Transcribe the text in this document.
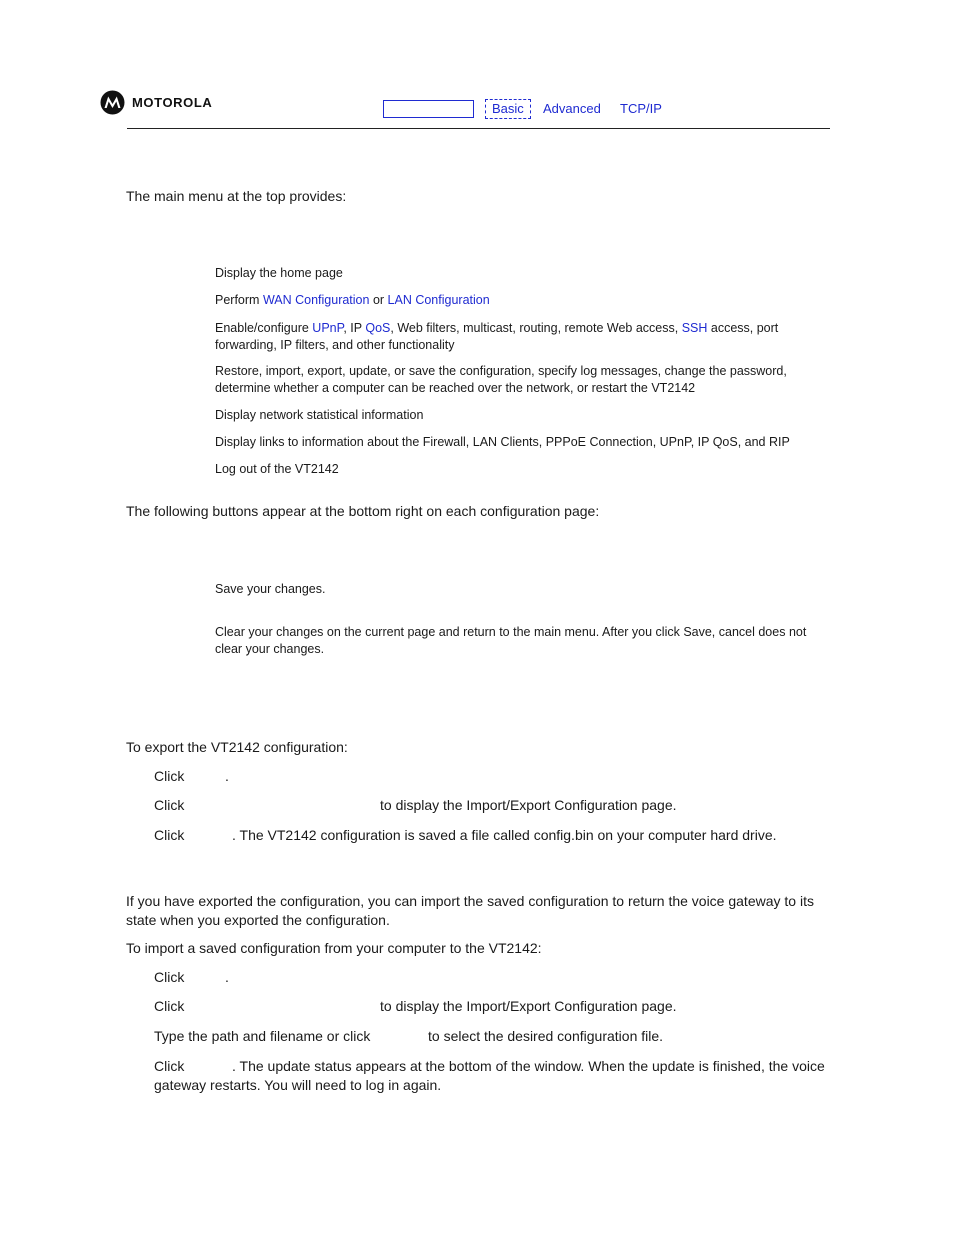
MOTOROLA	Basic	Advanced TCP/IP
The main menu at the top provides:
Display the home page
Perform WAN Configuration or LAN Configuration
Enable/configure UPnP, IP QoS, Web filters, multicast, routing, remote Web access, SSH access, port forwarding, IP filters, and other functionality
Restore, import, export, update, or save the configuration, specify log messages, change the password, determine whether a computer can be reached over the network, or restart the VT2142
Display network statistical information
Display links to information about the Firewall, LAN Clients, PPPoE Connection, UPnP, IP QoS, and RIP
Log out of the VT2142
The following buttons appear at the bottom right on each configuration page:
Save your changes.
Clear your changes on the current page and return to the main menu. After you click Save, cancel does not clear your changes.
To export the VT2142 configuration:
Click	.
Click	to display the Import/Export Configuration page.
Click	. The VT2142 configuration is saved a file called config.bin on your computer hard drive.
If you have exported the configuration, you can import the saved configuration to return the voice gateway to its state when you exported the configuration.
To import a saved configuration from your computer to the VT2142:
Click	.
Click	to display the Import/Export Configuration page.
Type the path and filename or click	to select the desired configuration file.
Click	. The update status appears at the bottom of the window. When the update is finished, the voice gateway restarts. You will need to log in again.
